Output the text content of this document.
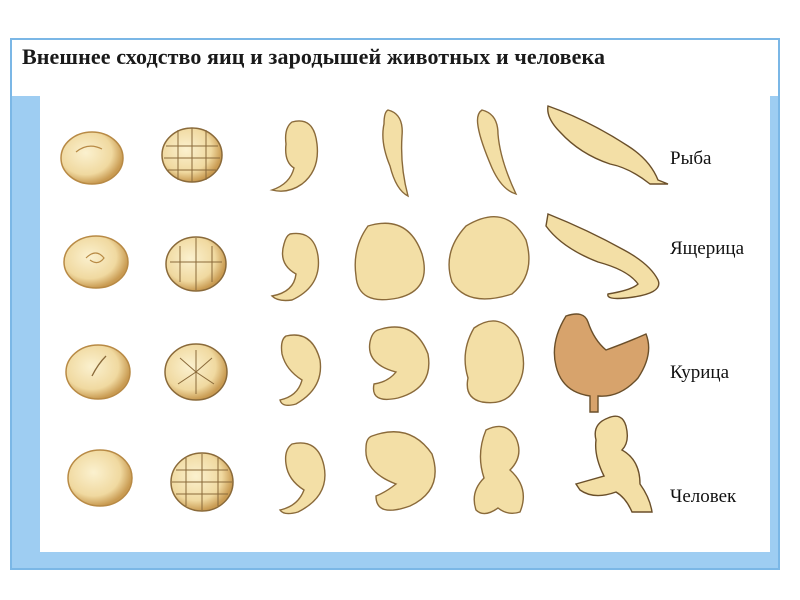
Внешнее сходство яиц и зародышей животных и человека
Рыба
Ящерица
Курица
Человек
